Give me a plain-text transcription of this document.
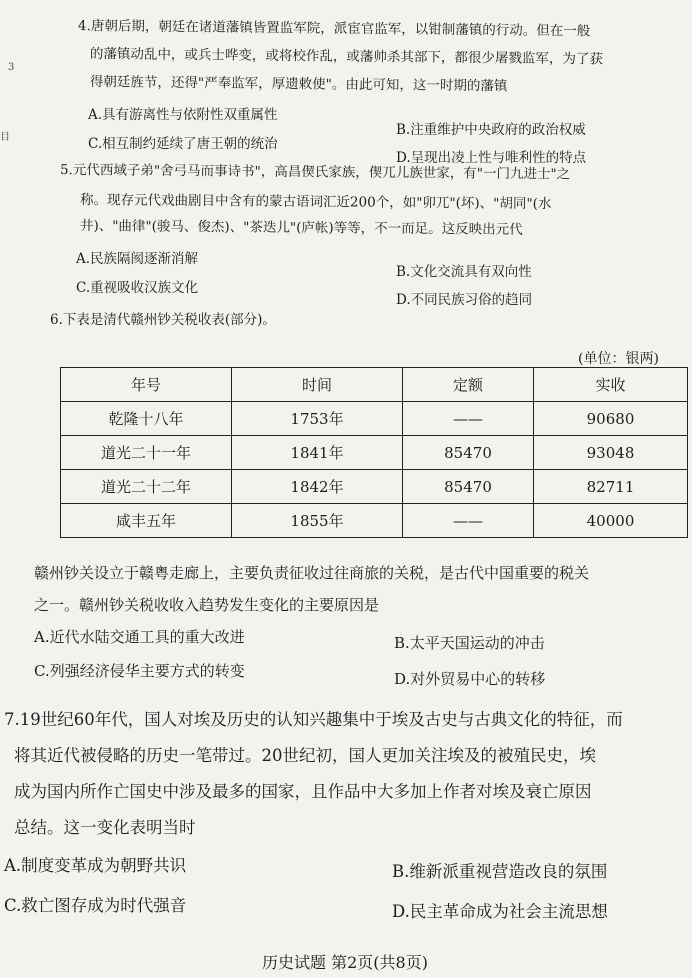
3
目
4.唐朝后期，朝廷在诸道藩镇皆置监军院，派宦官监军，以钳制藩镇的行动。但在一般
的藩镇动乱中，或兵士哗变，或将校作乱，或藩帅杀其部下，都很少屠戮监军，为了获
得朝廷旌节，还得"严奉监军，厚遗敕使"。由此可知，这一时期的藩镇
A.具有游离性与依附性双重属性
B.注重维护中央政府的政治权威
C.相互制约延续了唐王朝的统治
D.呈现出凌上性与唯利性的特点
5.元代西域子弟"舍弓马而事诗书"，高昌偰氏家族，偰兀儿族世家，有"一门九进士"之
称。现存元代戏曲剧目中含有的蒙古语词汇近200个，如"卯兀"(坏)、"胡同"(水
井)、"曲律"(骏马、俊杰)、"茶迭儿"(庐帐)等等，不一而足。这反映出元代
A.民族隔阂逐渐消解
B.文化交流具有双向性
C.重视吸收汉族文化
D.不同民族习俗的趋同
6.下表是清代赣州钞关税收表(部分)。
(单位：银两)
年号	时间	定额	实收
乾隆十八年	1753年	——	90680
道光二十一年	1841年	85470	93048
道光二十二年	1842年	85470	82711
咸丰五年	1855年	——	40000
赣州钞关设立于赣粤走廊上，主要负责征收过往商旅的关税，是古代中国重要的税关
之一。赣州钞关税收收入趋势发生变化的主要原因是
A.近代水陆交通工具的重大改进	B.太平天国运动的冲击
C.列强经济侵华主要方式的转变	D.对外贸易中心的转移
7.19世纪60年代，国人对埃及历史的认知兴趣集中于埃及古史与古典文化的特征，而
将其近代被侵略的历史一笔带过。20世纪初，国人更加关注埃及的被殖民史，埃
成为国内所作亡国史中涉及最多的国家，且作品中大多加上作者对埃及衰亡原因
总结。这一变化表明当时
A.制度变革成为朝野共识	B.维新派重视营造改良的氛围
C.救亡图存成为时代强音	D.民主革命成为社会主流思想
历史试题 第2页(共8页)
